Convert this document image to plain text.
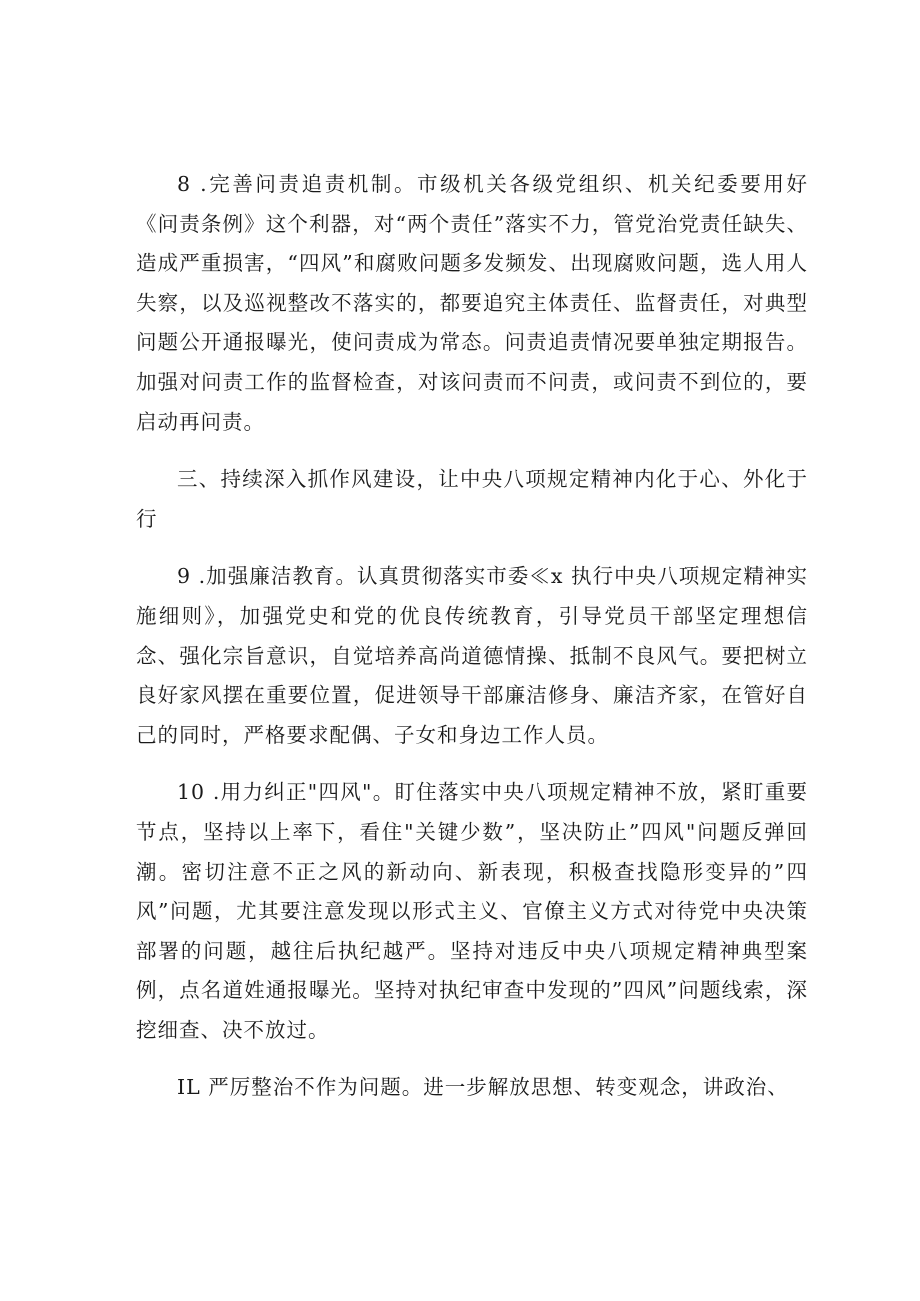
8 .完善问责追责机制。市级机关各级党组织、机关纪委要用好《问责条例》这个利器，对“两个责任”落实不力，管党治党责任缺失、造成严重损害，“四风”和腐败问题多发频发、出现腐败问题，选人用人失察，以及巡视整改不落实的，都要追究主体责任、监督责任，对典型问题公开通报曝光，使问责成为常态。问责追责情况要单独定期报告。加强对问责工作的监督检查，对该问责而不问责，或问责不到位的，要启动再问责。

三、持续深入抓作风建设，让中央八项规定精神内化于心、外化于行

9 .加强廉洁教育。认真贯彻落实市委≪x 执行中央八项规定精神实施细则》，加强党史和党的优良传统教育，引导党员干部坚定理想信念、强化宗旨意识，自觉培养高尚道德情操、抵制不良风气。要把树立良好家风摆在重要位置，促进领导干部廉洁修身、廉洁齐家，在管好自己的同时，严格要求配偶、子女和身边工作人员。

10 .用力纠正"四风"。盯住落实中央八项规定精神不放，紧盯重要节点，坚持以上率下，看住"关键少数”，坚决防止”四风"问题反弹回潮。密切注意不正之风的新动向、新表现，积极查找隐形变异的”四风”问题，尤其要注意发现以形式主义、官僚主义方式对待党中央决策部署的问题，越往后执纪越严。坚持对违反中央八项规定精神典型案例，点名道姓通报曝光。坚持对执纪审查中发现的”四风”问题线索，深挖细查、决不放过。

IL 严厉整治不作为问题。进一步解放思想、转变观念，讲政治、
